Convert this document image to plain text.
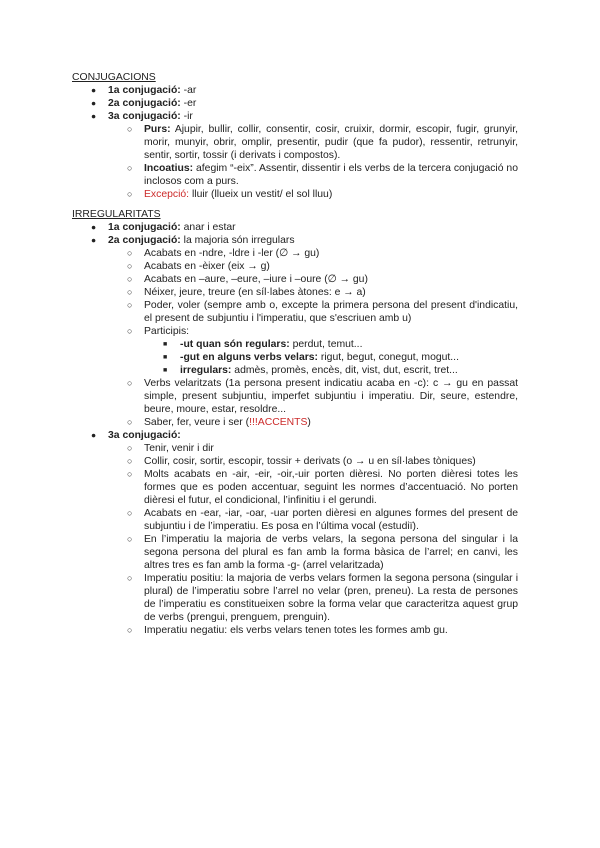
CONJUGACIONS
● 1a conjugació: -ar
● 2a conjugació: -er
● 3a conjugació: -ir
○ Purs: Ajupir, bullir, collir, consentir, cosir, cruixir, dormir, escopir, fugir, grunyir, morir, munyir, obrir, omplir, presentir, pudir (que fa pudor), ressentir, retrunyir, sentir, sortir, tossir (i derivats i compostos).
○ Incoatius: afegim “-eix”. Assentir, dissentir i els verbs de la tercera conjugació no inclosos com a purs.
○ Excepció: lluir (llueix un vestit/ el sol lluu)
IRREGULARITATS
● 1a conjugació: anar i estar
● 2a conjugació: la majoria són irregulars
○ Acabats en -ndre, -ldre i -ler (∅ → gu)
○ Acabats en -èixer (eix → g)
○ Acabats en –aure, –eure, –iure i –oure (∅ → gu)
○ Néixer, jeure, treure (en síl·labes àtones: e → a)
○ Poder, voler (sempre amb o, excepte la primera persona del present d'indicatiu, el present de subjuntiu i l'imperatiu, que s'escriuen amb u)
○ Participis:
■ -ut quan són regulars: perdut, temut...
■ -gut en alguns verbs velars: rigut, begut, conegut, mogut...
■ irregulars: admès, promès, encès, dit, vist, dut, escrit, tret...
○ Verbs velaritzats (1a persona present indicatiu acaba en -c): c → gu en passat simple, present subjuntiu, imperfet subjuntiu i imperatiu. Dir, seure, estendre, beure, moure, estar, resoldre...
○ Saber, fer, veure i ser (!!!ACCENTS)
● 3a conjugació:
○ Tenir, venir i dir
○ Collir, cosir, sortir, escopir, tossir + derivats (o → u en síl·labes tòniques)
○ Molts acabats en -air, -eir, -oir,-uir porten dièresi. No porten dièresi totes les formes que es poden accentuar, seguint les normes d’accentuació. No porten dièresi el futur, el condicional, l’infinitiu i el gerundi.
○ Acabats en -ear, -iar, -oar, -uar porten dièresi en algunes formes del present de subjuntiu i de l’imperatiu. Es posa en l’última vocal (estudiï).
○ En l’imperatiu la majoria de verbs velars, la segona persona del singular i la segona persona del plural es fan amb la forma bàsica de l’arrel; en canvi, les altres tres es fan amb la forma -g- (arrel velaritzada)
○ Imperatiu positiu: la majoria de verbs velars formen la segona persona (singular i plural) de l’imperatiu sobre l’arrel no velar (pren, preneu). La resta de persones de l’imperatiu es constitueixen sobre la forma velar que caracteritza aquest grup de verbs (prengui, prenguem, prenguin).
○ Imperatiu negatiu: els verbs velars tenen totes les formes amb gu.
